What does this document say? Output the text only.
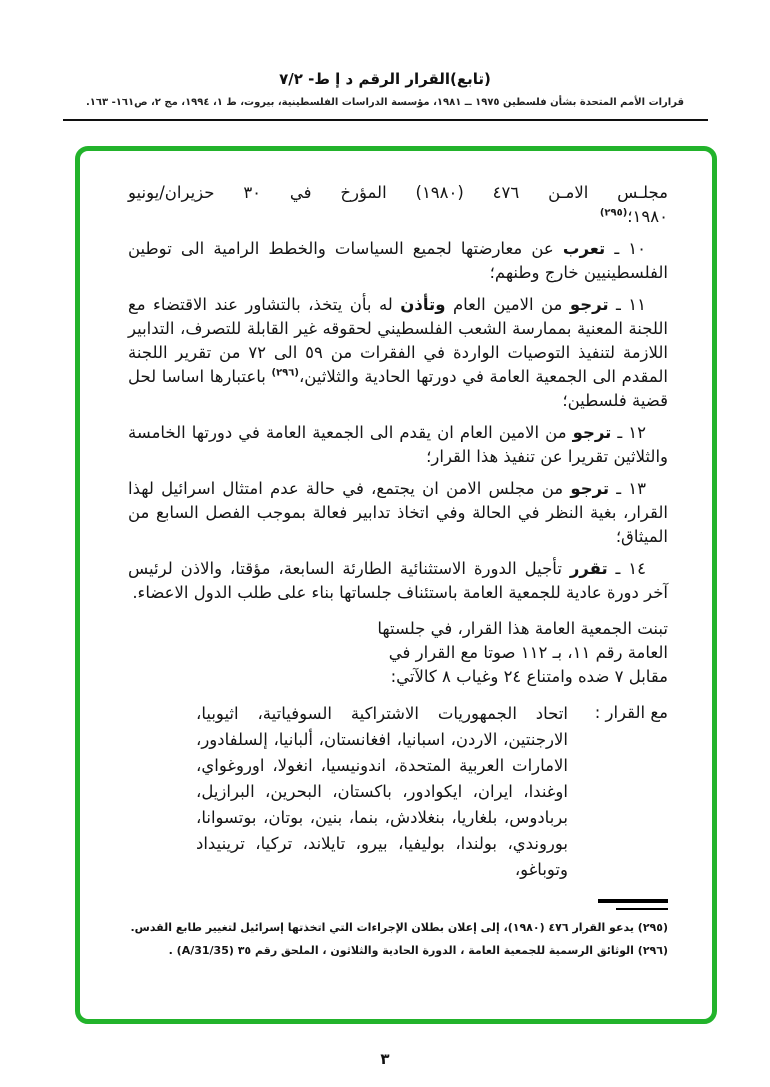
(تابع)القرار الرقم د إ ط- ٧/٢
قرارات الأمم المتحدة بشأن فلسطين ١٩٧٥ ــ ١٩٨١، مؤسسة الدراسات الفلسطينية، بيروت، ط ١، ١٩٩٤، مج ٢، ص١٦١- ١٦٣.

مجلـس الامـن ٤٧٦ (١٩٨٠) المؤرخ في ٣٠ حزيران/يونيو
١٩٨٠؛$^{(٢٩٥)}$

١٠ ـ تعرب عن معارضتها لجميع السياسات والخطط الرامية الى توطين الفلسطينيين خارج وطنهم؛

١١ ـ ترجو من الامين العام وتأذن له بأن يتخذ، بالتشاور عند الاقتضاء مع اللجنة المعنية بممارسة الشعب الفلسطيني لحقوقه غير القابلة للتصرف، التدابير اللازمة لتنفيذ التوصيات الواردة في الفقرات من ٥٩ الى ٧٢ من تقرير اللجنة المقدم الى الجمعية العامة في دورتها الحادية والثلاثين،$^{(٢٩٦)}$ باعتبارها اساسا لحل قضية فلسطين؛

١٢ ـ ترجو من الامين العام ان يقدم الى الجمعية العامة في دورتها الخامسة والثلاثين تقريرا عن تنفيذ هذا القرار؛

١٣ ـ ترجو من مجلس الامن ان يجتمع، في حالة عدم امتثال اسرائيل لهذا القرار، بغية النظر في الحالة وفي اتخاذ تدابير فعالة بموجب الفصل السابع من الميثاق؛

١٤ ـ تقرر تأجيل الدورة الاستثنائية الطارئة السابعة، مؤقتا، والاذن لرئيس آخر دورة عادية للجمعية العامة باستئناف جلساتها بناء على طلب الدول الاعضاء.

تبنت الجمعية العامة هذا القرار، في جلستها العامة رقم ١١، بـ ١١٢ صوتا مع القرار في مقابل ٧ ضده وامتناع ٢٤ وغياب ٨ كالآتي:

مع القرار :
اتحاد الجمهوريات الاشتراكية السوفياتية، اثيوبيا، الارجنتين، الاردن، اسبانيا، افغانستان، ألبانيا، إلسلفادور، الامارات العربية المتحدة، اندونيسيا، انغولا، اوروغواي، اوغندا، ايران، ايكوادور، باكستان، البحرين، البرازيل، بربادوس، بلغاريا، بنغلادش، بنما، بنين، بوتان، بوتسوانا، بوروندي، بولندا، بوليفيا، بيرو، تايلاند، تركيا، ترينيداد وتوباغو،

(٢٩٥) يدعو القرار ٤٧٦ (١٩٨٠)، إلى إعلان بطلان الإجراءات التي اتخذتها إسرائيل لتغيير طابع القدس.

(٢٩٦) الوثائق الرسمية للجمعية العامة ، الدورة الحادية والثلاثون ، الملحق رقم ٣٥ (A/31/35) .

٣
